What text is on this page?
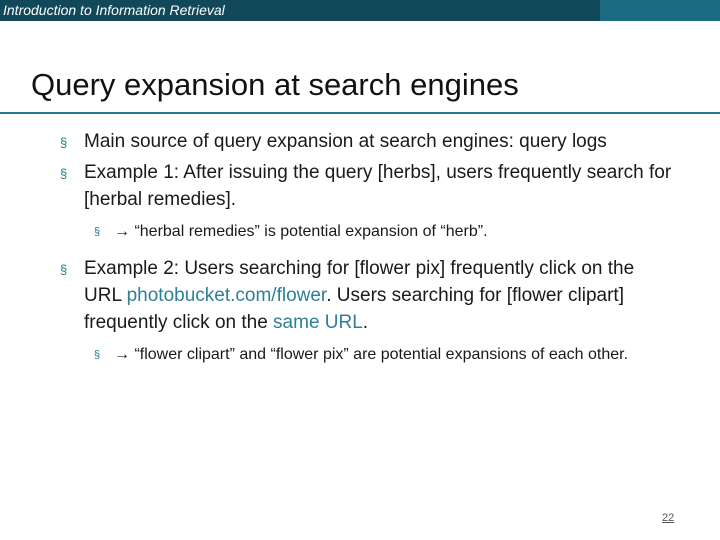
Introduction to Information Retrieval
Query expansion at search engines
§ Main source of query expansion at search engines: query logs
§ Example 1: After issuing the query [herbs], users frequently search for [herbal remedies].
§ → “herbal remedies” is potential expansion of “herb”.
§ Example 2: Users searching for [flower pix] frequently click on the URL photobucket.com/flower. Users searching for [flower clipart] frequently click on the same URL.
§ → “flower clipart” and “flower pix” are potential expansions of each other.
22
